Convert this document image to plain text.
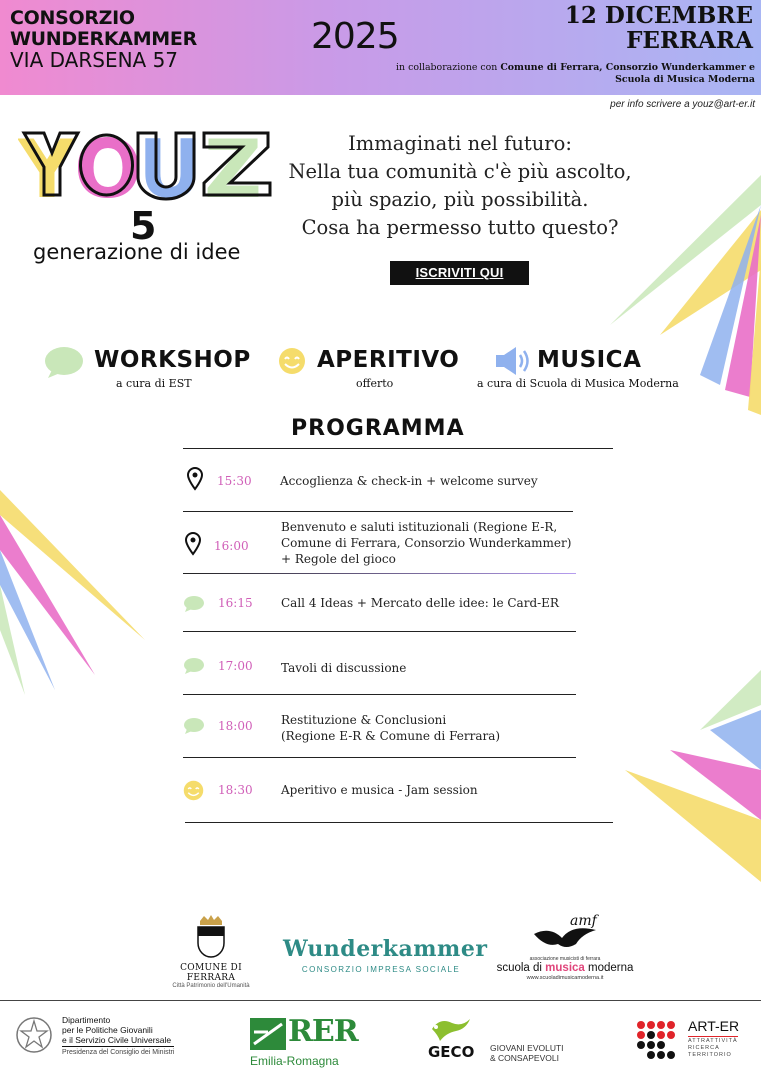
CONSORZIO
WUNDERKAMMER
VIA DARSENA 57
2025
12 DICEMBRE
FERRARA
in collaborazione con Comune di Ferrara, Consorzio Wunderkammer e
Scuola di Musica Moderna
per info scrivere a youz@art-er.it
Y
O
U Z
5
generazione di idee
Immaginati nel futuro:
Nella tua comunità c'è più ascolto,
più spazio, più possibilità.
Cosa ha permesso tutto questo?
ISCRIVITI QUI
WORKSHOP
a cura di EST
APERITIVO
offerto
MUSICA
a cura di Scuola di Musica Moderna
PROGRAMMA
15:30 Accoglienza & check-in + welcome survey
16:00
Benvenuto e saluti istituzionali (Regione E-R,
Comune di Ferrara, Consorzio Wunderkammer)
+ Regole del gioco
16:15 Call 4 Ideas + Mercato delle idee: le Card-ER
17:00 Tavoli di discussione
18:00 Restituzione & Conclusioni
(Regione E-R & Comune di Ferrara)
18:30 Aperitivo e musica - Jam session
COMUNE DI FERRARA
Città Patrimonio dell'Umanità
Wunderkammer
CONSORZIO IMPRESA SOCIALE
amf
associazione musicisti di ferrara
scuola di musica moderna
www.scuoladimusicamoderna.it
Dipartimento
per le Politiche Giovanili
e il Servizio Civile Universale
Presidenza del Consiglio dei Ministri
RER
Emilia-Romagna	GECO GIOVANI EVOLUTI
& CONSAPEVOLI
ART-ER
ATTRATTIVITÀ
RICERCA
TERRITORIO
